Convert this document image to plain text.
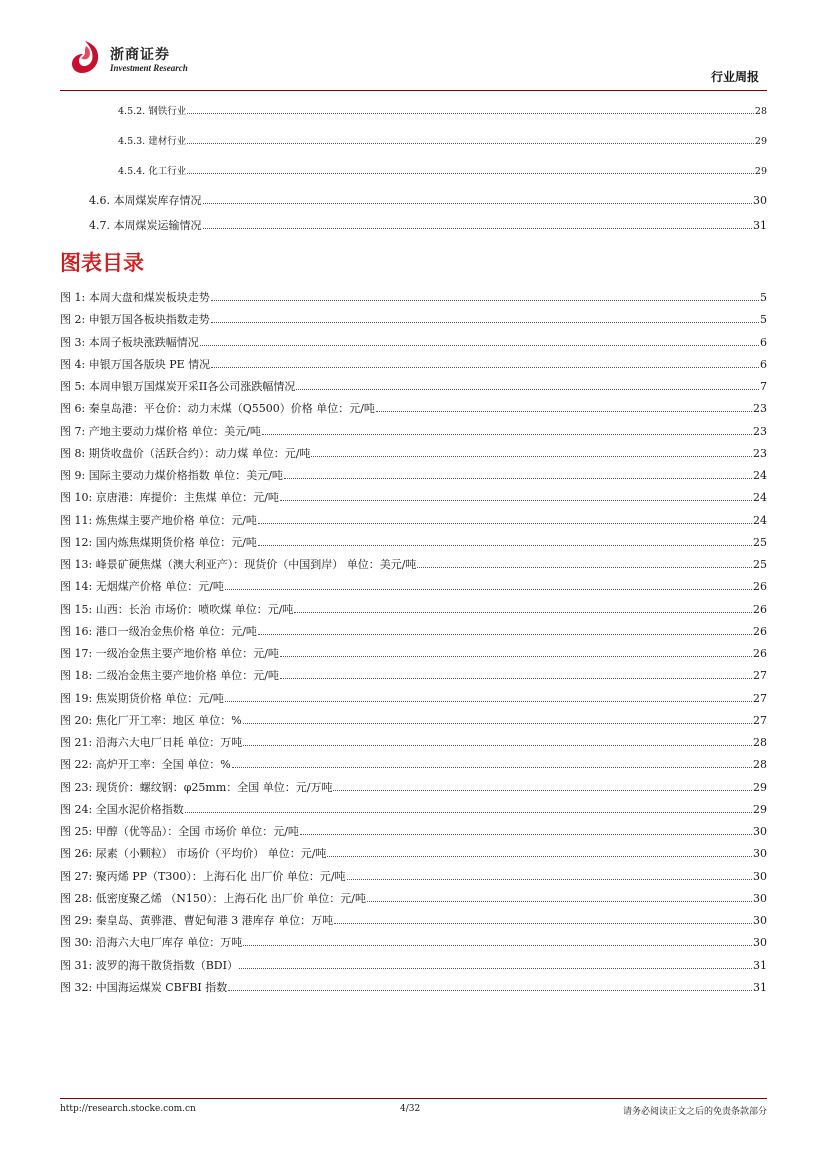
浙商证券
Investment Research
行业周报
4.5.2. 钢铁行业	28
4.5.3. 建材行业	29
4.5.4. 化工行业	29
4.6. 本周煤炭库存情况	30
4.7. 本周煤炭运输情况	31
图表目录
图 1: 本周大盘和煤炭板块走势	5
图 2: 申银万国各板块指数走势	5
图 3: 本周子板块涨跌幅情况	6
图 4: 申银万国各版块 PE 情况	6
图 5: 本周申银万国煤炭开采II各公司涨跌幅情况	7
图 6: 秦皇岛港：平仓价：动力末煤（Q5500）价格 单位：元/吨	23
图 7: 产地主要动力煤价格 单位：美元/吨	23
图 8: 期货收盘价（活跃合约）：动力煤 单位：元/吨	23
图 9: 国际主要动力煤价格指数 单位：美元/吨	24
图 10: 京唐港：库提价：主焦煤 单位：元/吨	24
图 11: 炼焦煤主要产地价格 单位：元/吨	24
图 12: 国内炼焦煤期货价格 单位：元/吨	25
图 13: 峰景矿硬焦煤（澳大利亚产）：现货价（中国到岸） 单位：美元/吨	25
图 14: 无烟煤产价格 单位：元/吨	26
图 15: 山西：长治 市场价：喷吹煤 单位：元/吨	26
图 16: 港口一级冶金焦价格 单位：元/吨	26
图 17: 一级冶金焦主要产地价格 单位：元/吨	26
图 18: 二级冶金焦主要产地价格 单位：元/吨	27
图 19: 焦炭期货价格 单位：元/吨	27
图 20: 焦化厂开工率：地区 单位：%	27
图 21: 沿海六大电厂日耗 单位：万吨	28
图 22: 高炉开工率：全国 单位：%	28
图 23: 现货价：螺纹钢：φ25mm：全国 单位：元/万吨	29
图 24: 全国水泥价格指数	29
图 25: 甲醇（优等品）：全国 市场价 单位：元/吨	30
图 26: 尿素（小颗粒） 市场价（平均价） 单位：元/吨	30
图 27: 聚丙烯 PP（T300）：上海石化 出厂价 单位：元/吨	30
图 28: 低密度聚乙烯 （N150）：上海石化 出厂价 单位：元/吨	30
图 29: 秦皇岛、黄骅港、曹妃甸港 3 港库存 单位：万吨	30
图 30: 沿海六大电厂库存 单位：万吨	30
图 31: 波罗的海干散货指数（BDI）	31
图 32: 中国海运煤炭 CBFBI 指数	31
http://research.stocke.com.cn	4/32	请务必阅读正文之后的免责条款部分
